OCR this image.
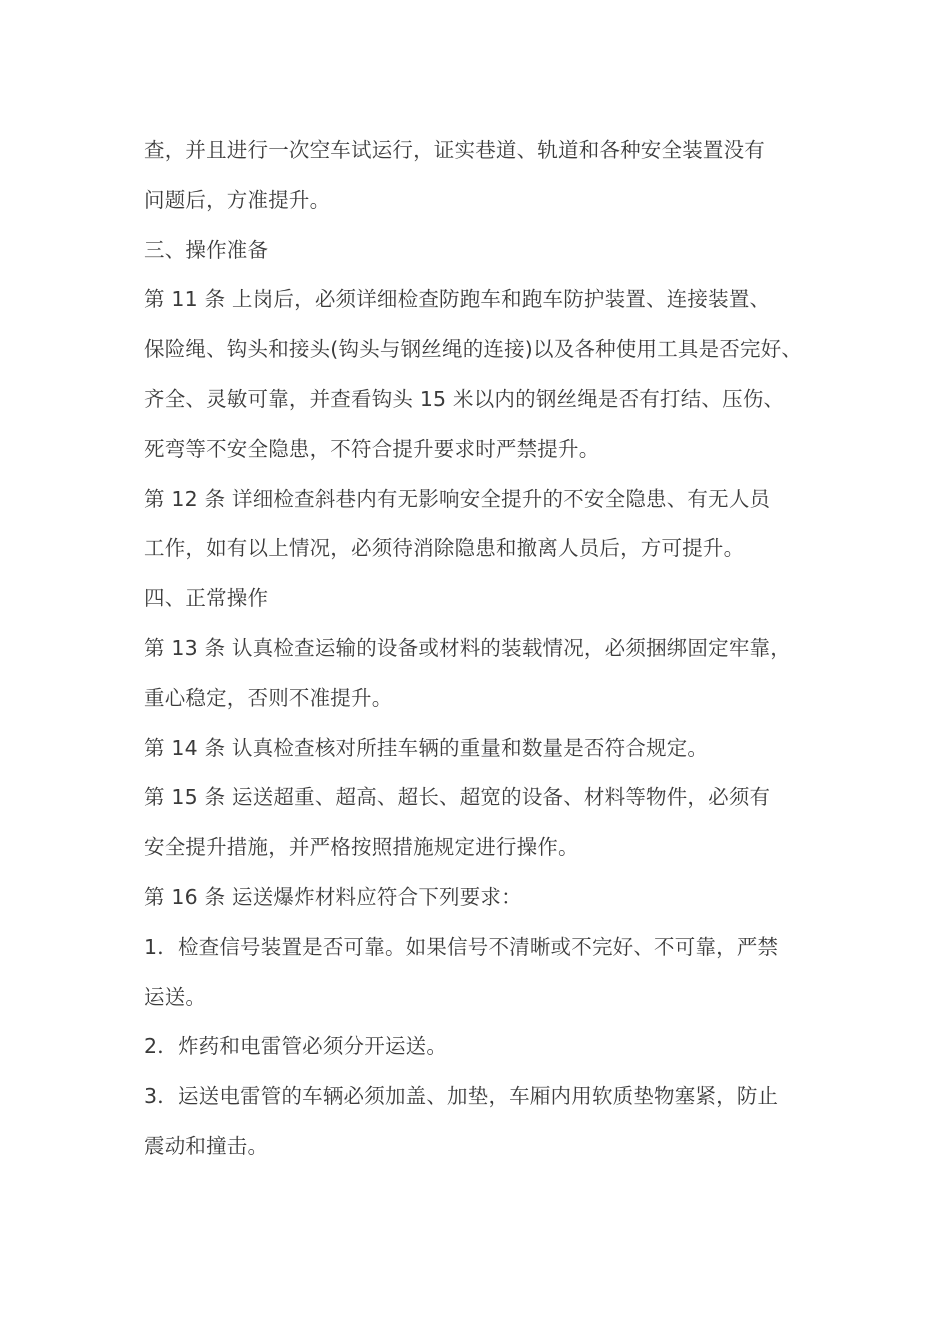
查，并且进行一次空车试运行，证实巷道、轨道和各种安全装置没有
问题后，方准提升。
三、操作准备
第 11 条 上岗后，必须详细检查防跑车和跑车防护装置、连接装置、
保险绳、钩头和接头(钩头与钢丝绳的连接)以及各种使用工具是否完好、
齐全、灵敏可靠，并查看钩头 15 米以内的钢丝绳是否有打结、压伤、
死弯等不安全隐患，不符合提升要求时严禁提升。
第 12 条 详细检查斜巷内有无影响安全提升的不安全隐患、有无人员
工作，如有以上情况，必须待消除隐患和撤离人员后，方可提升。
四、正常操作
第 13 条 认真检查运输的设备或材料的装载情况，必须捆绑固定牢靠，
重心稳定，否则不准提升。
第 14 条 认真检查核对所挂车辆的重量和数量是否符合规定。
第 15 条 运送超重、超高、超长、超宽的设备、材料等物件，必须有
安全提升措施，并严格按照措施规定进行操作。
第 16 条 运送爆炸材料应符合下列要求：
1．检查信号装置是否可靠。如果信号不清晰或不完好、不可靠，严禁
运送。
2．炸药和电雷管必须分开运送。
3．运送电雷管的车辆必须加盖、加垫，车厢内用软质垫物塞紧，防止
震动和撞击。
